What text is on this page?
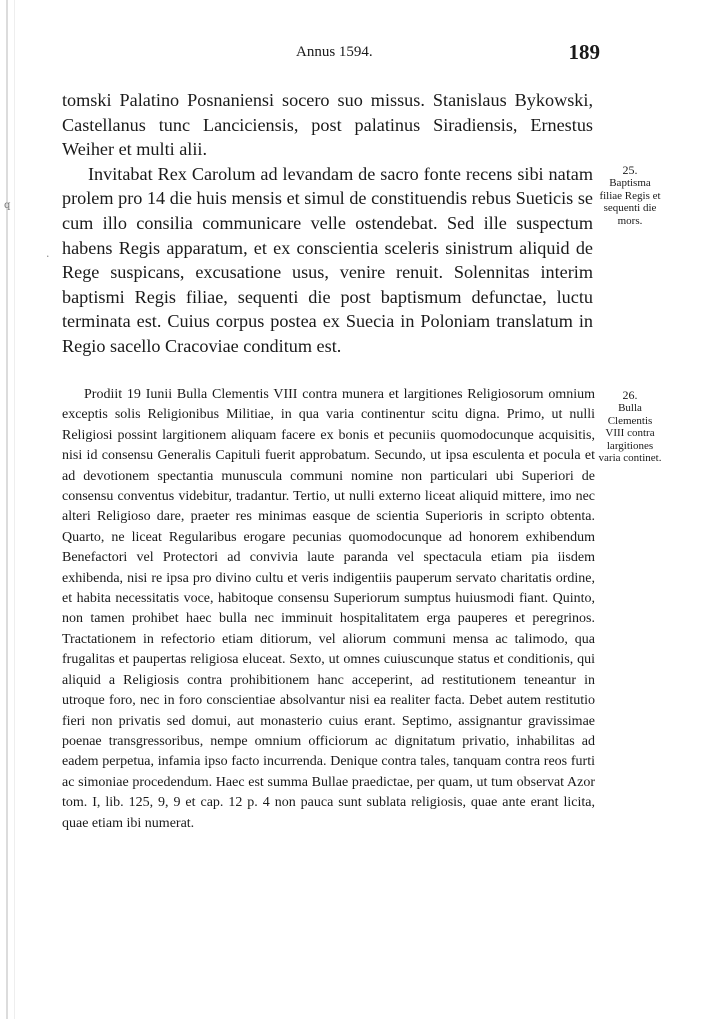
Annus 1594.	189

tomski Palatino Posnaniensi socero suo missus. Stanislaus Bykowski, Castellanus tunc Lanciciensis, post palatinus Siradiensis, Ernestus Weiher et multi alii.

Invitabat Rex Carolum ad levandam de sacro fonte recens sibi natam prolem pro 14 die huis mensis et simul de constituendis rebus Sueticis se cum illo consilia communicare velle ostendebat. Sed ille suspectum habens Regis apparatum, et ex conscientia sceleris sinistrum aliquid de Rege suspicans, excusatione usus, venire renuit. Solennitas interim baptismi Regis filiae, sequenti die post baptismum defunctae, luctu terminata est. Cuius corpus postea ex Suecia in Poloniam translatum in Regio sacello Cracoviae conditum est.

Prodiit 19 Iunii Bulla Clementis VIII contra munera et largitiones Religiosorum omnium exceptis solis Religionibus Militiae, in qua varia continentur scitu digna. Primo, ut nulli Religiosi possint largitionem aliquam facere ex bonis et pecuniis quomodocunque acquisitis, nisi id consensu Generalis Capituli fuerit approbatum. Secundo, ut ipsa esculenta et pocula et ad devotionem spectantia munuscula communi nomine non particulari ubi Superiori de consensu conventus videbitur, tradantur. Tertio, ut nulli externo liceat aliquid mittere, imo nec alteri Religioso dare, praeter res minimas easque de scientia Superioris in scripto obtenta. Quarto, ne liceat Regularibus erogare pecunias quomodocunque ad honorem exhibendum Benefactori vel Protectori ad convivia laute paranda vel spectacula etiam pia iisdem exhibenda, nisi re ipsa pro divino cultu et veris indigentiis pauperum servato charitatis ordine, et habita necessitatis voce, habitoque consensu Superiorum sumptus huiusmodi fiant. Quinto, non tamen prohibet haec bulla nec imminuit hospitalitatem erga pauperes et peregrinos. Tractationem in refectorio etiam ditiorum, vel aliorum communi mensa ac talimodo, qua frugalitas et paupertas religiosa eluceat. Sexto, ut omnes cuiuscunque status et conditionis, qui aliquid a Religiosis contra prohibitionem hanc acceperint, ad restitutionem teneantur in utroque foro, nec in foro conscientiae absolvantur nisi ea realiter facta. Debet autem restitutio fieri non privatis sed domui, aut monasterio cuius erant. Septimo, assignantur gravissimae poenae transgressoribus, nempe omnium officiorum ac dignitatum privatio, inhabilitas ad eadem perpetua, infamia ipso facto incurrenda. Denique contra tales, tanquam contra reos furti ac simoniae procedendum. Haec est summa Bullae praedictae, per quam, ut tum observat Azor tom. I, lib. 125, 9, 9 et cap. 12 p. 4 non pauca sunt sublata religiosis, quae ante erant licita, quae etiam ibi numerat.

25.
Baptisma filiae Regis et sequenti die mors.
26.
Bulla Clementis VIII contra largitiones varia continet.
q
·
